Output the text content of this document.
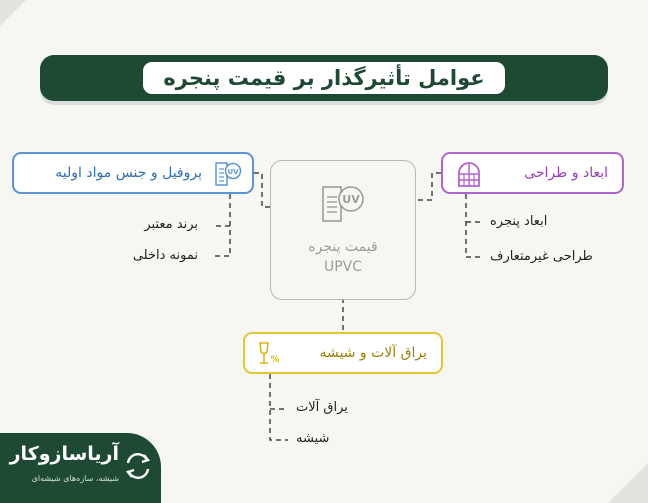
عوامل تأثیرگذار بر قیمت پنجره
UV
قیمت پنجره
UPVC
پروفیل و جنس مواد اولیه	UV	ابعاد و طراحی
یراق آلات و شیشه
%
برند معتبر
نمونه داخلی
ابعاد پنجره
طراحی غیرمتعارف
یراق آلات
شیشه
آریاسازوکار
شیشه، سازه‌های شیشه‌ای
